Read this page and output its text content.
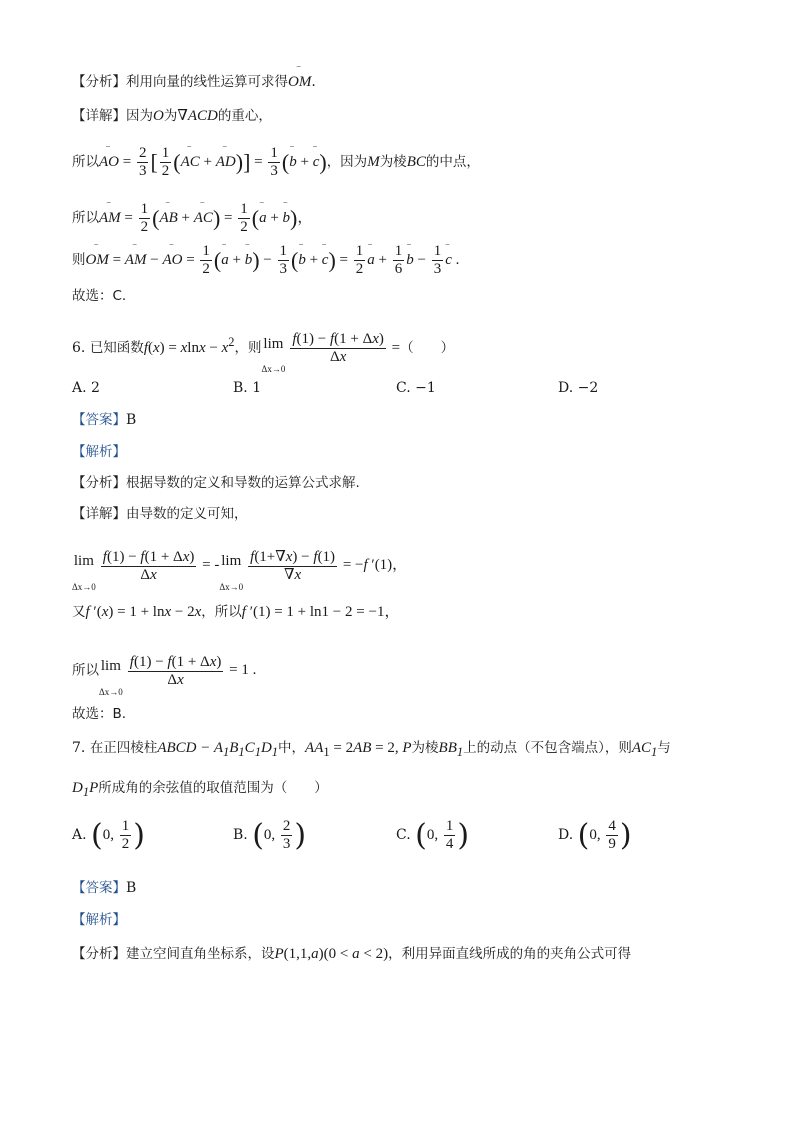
【分析】利用向量的线性运算可求得‾ OM.
【详解】因为O为∇ACD的重心，
所以‾ AO = $\frac{2}{3}$ [ $\frac{1}{2}$ (‾ AC + ‾ $AD)] = \frac{1}{3}$ (‾ b + ‾ c)，因为M为棱BC的中点，
所以‾ AM = $\frac{1}{2}$ (‾ AB + ‾ $AC) = \frac{1}{2}$ (‾ a + ‾ b)，
则‾ OM = ‾ AM − ‾ AO = $\frac{1}{2}$ (‾ a + ‾ $b) - \frac{1}{3}$ (‾ b + ‾ $c) = \frac{1}{2}$ ‾ $a + \frac{1}{6}$ ‾ $b - \frac{1}{3}$ ‾ c .
故选：C.
6. 已知函数$f(x) = xlnx - x^2$，则 lim
Δx→0
$\frac{f(1) - f(1 + \Delta x)}{\Delta x}$ =（　　）
A. 2	B. 1	C. −1	D. −2
【答案】B
【解析】
【分析】根据导数的定义和导数的运算公式求解.
【详解】由导数的定义可知，
lim
Δx→0
$\frac{f(1) - f(1 + \Delta x)}{\Delta x}$ = - lim
Δx→0
$\frac{f(1+\nabla x) - f(1)}{\nabla x} = -f$ ′(1)，
又f ′(x) = 1 + lnx − 2x，所以f ′(1) = 1 + ln1 − 2 = −1，
所以 lim
Δx→0
$\frac{f(1) - f(1 + \Delta x)}{\Delta x} = 1$ .
故选：B.
7. 在正四棱柱ABCD − $A_1B_1C_1D_1$中，$AA_1 = 2AB = 2$, P为棱$BB_1$上的动点（不包含端点），则$AC_1$与
$D_1P$所成角的余弦值的取值范围为（　　）
A. (0, $\frac{1}{2}$ )	B. (0, $\frac{2}{3}$ )	C. (0, $\frac{1}{4}$ )	D. (0, $\frac{4}{9}$ )
【答案】B
【解析】
【分析】建立空间直角坐标系，设P(1,1,a)(0 < a < 2)，利用异面直线所成的角的夹角公式可得
